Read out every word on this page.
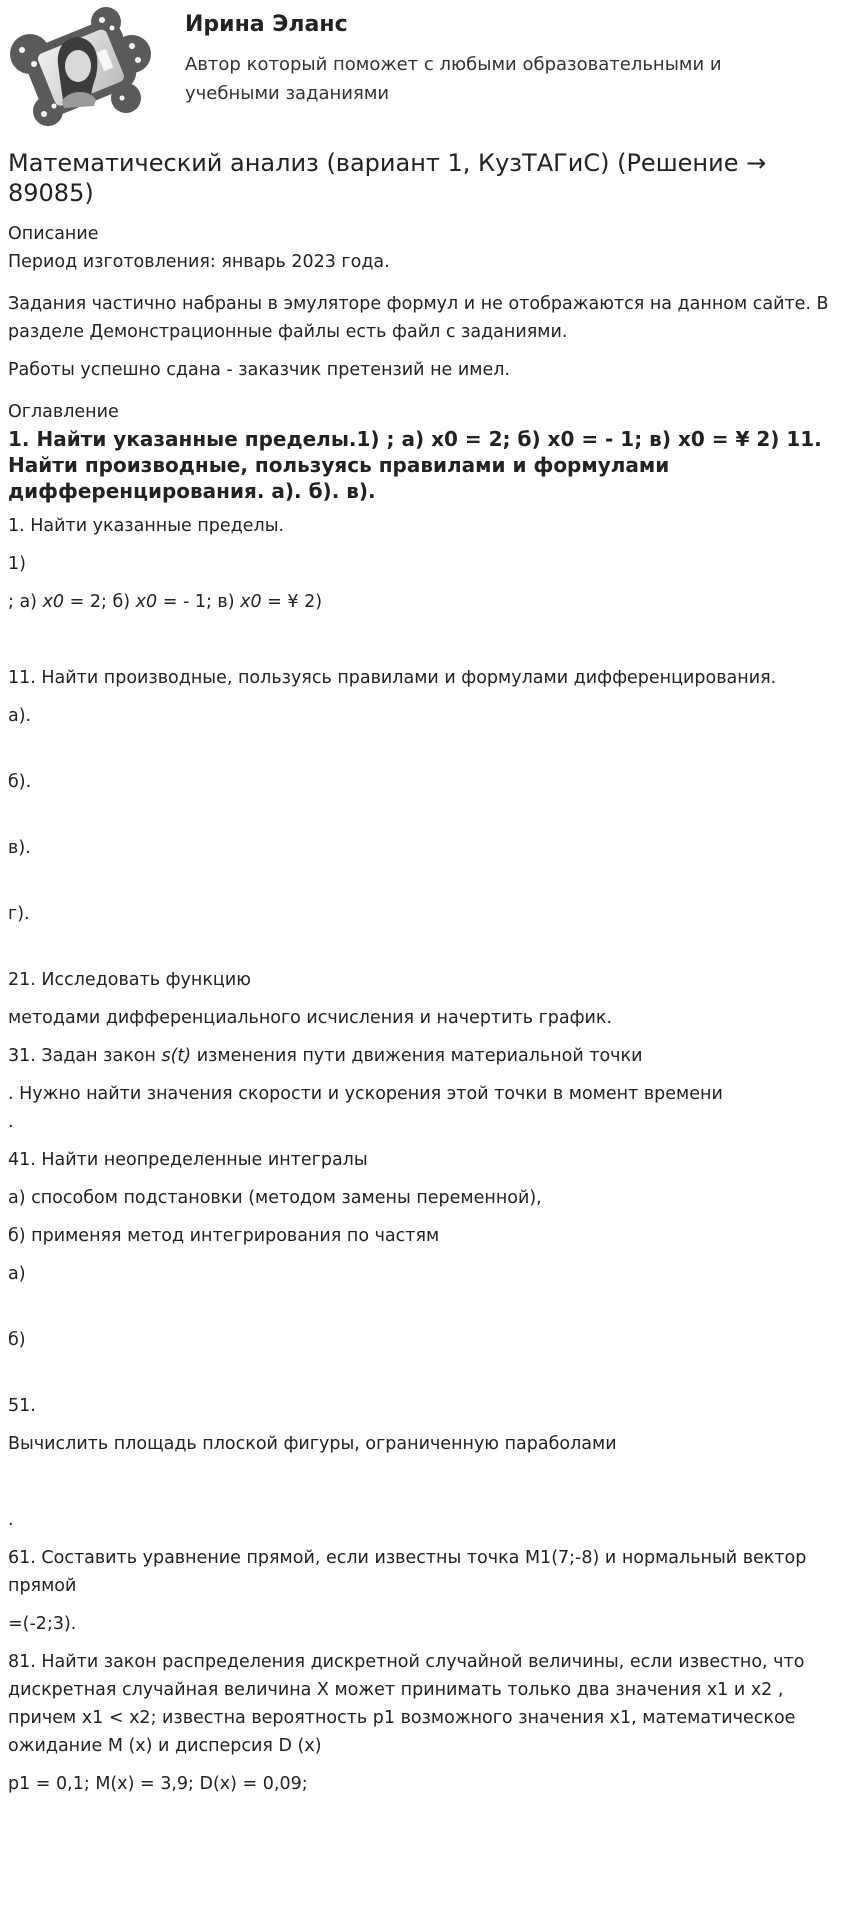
Ирина Эланс
Автор который поможет с любыми образовательными и учебными заданиями
Математический анализ (вариант 1, КузТАГиС) (Решение → 89085)

Описание

Период изготовления: январь 2023 года.

Задания частично набраны в эмуляторе формул и не отображаются на данном сайте. В разделе Демонстрационные файлы есть файл с заданиями.

Работы успешно сдана - заказчик претензий не имел.

Оглавление

1. Найти указанные пределы.1) ; а) x0 = 2; б) x0 = - 1; в) x0 = ¥ 2) 11. Найти производные, пользуясь правилами и формулами дифференцирования. а). б). в).

1. Найти указанные пределы.

1)

; а) x0 = 2; б) x0 = - 1; в) x0 = ¥ 2)

11. Найти производные, пользуясь правилами и формулами дифференцирования.

а).

б).

в).

г).

21. Исследовать функцию

методами дифференциального исчисления и начертить график.

31. Задан закон s(t) изменения пути движения материальной точки

. Нужно найти значения скорости и ускорения этой точки в момент времени

.

41. Найти неопределенные интегралы

а) способом подстановки (методом замены переменной),

б) применяя метод интегрирования по частям

а)

б)

51.

Вычислить площадь плоской фигуры, ограниченную параболами

.

61. Составить уравнение прямой, если известны точка M1(7;-8) и нормальный вектор прямой

=(-2;3).

81. Найти закон распределения дискретной случайной величины, если известно, что дискретная случайная величина X может принимать только два значения x1 и x2 , причем x1 < x2; известна вероятность p1 возможного значения x1, математическое ожидание M (x) и дисперсия D (x)

p1 = 0,1; M(x) = 3,9; D(x) = 0,09;
